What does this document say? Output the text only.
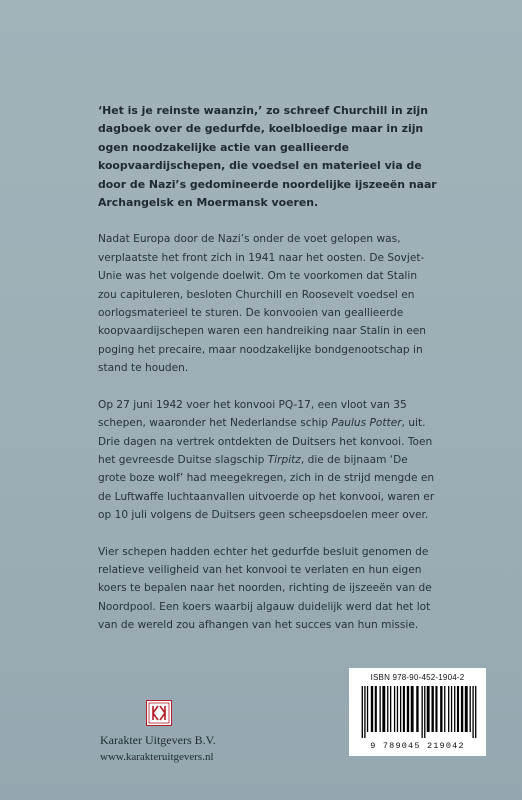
‘Het is je reinste waanzin,’ zo schreef Churchill in zijn dagboek over de gedurfde, koelbloedige maar in zijn ogen noodzakelijke actie van geallieerde koopvaardijschepen, die voedsel en materieel via de door de Nazi’s gedomineerde noordelijke ijszeeën naar Archangelsk en Moermansk voeren.

Nadat Europa door de Nazi’s onder de voet gelopen was, verplaatste het front zich in 1941 naar het oosten. De Sovjet-Unie was het volgende doelwit. Om te voorkomen dat Stalin zou capituleren, besloten Churchill en Roosevelt voedsel en oorlogsmaterieel te sturen. De konvooien van geallieerde koopvaardijschepen waren een handreiking naar Stalin in een poging het precaire, maar noodzakelijke bondgenootschap in stand te houden.

Op 27 juni 1942 voer het konvooi PQ-17, een vloot van 35 schepen, waaronder het Nederlandse schip Paulus Potter, uit. Drie dagen na vertrek ontdekten de Duitsers het konvooi. Toen het gevreesde Duitse slagschip Tirpitz, die de bijnaam ‘De grote boze wolf’ had meegekregen, zich in de strijd mengde en de Luftwaffe luchtaanvallen uitvoerde op het konvooi, waren er op 10 juli volgens de Duitsers geen scheepsdoelen meer over.

Vier schepen hadden echter het gedurfde besluit genomen de relatieve veiligheid van het konvooi te verlaten en hun eigen koers te bepalen naar het noorden, richting de ijszeeën van de Noordpool. Een koers waarbij algauw duidelijk werd dat het lot van de wereld zou afhangen van het succes van hun missie.

Karakter Uitgevers B.V.
www.karakteruitgevers.nl
ISBN 978-90-452-1904-2
9 789045 219042
